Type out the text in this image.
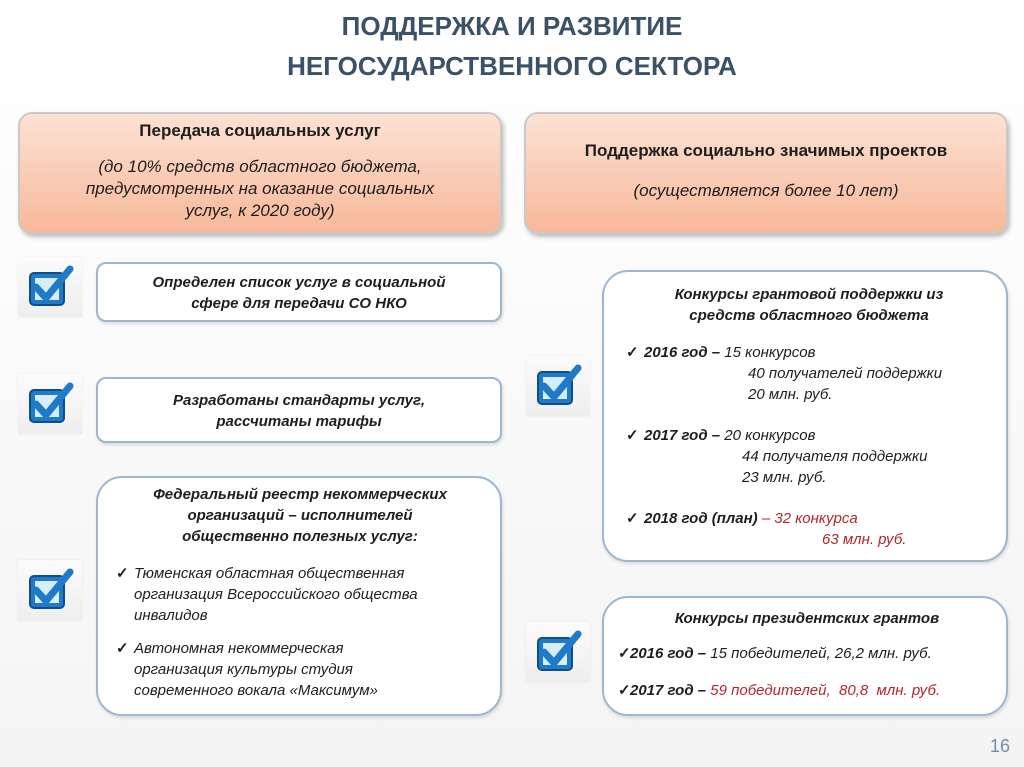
ПОДДЕРЖКА И РАЗВИТИЕ
НЕГОСУДАРСТВЕННОГО СЕКТОРА
Передача социальных услуг
(до 10% средств областного бюджета,
предусмотренных на оказание социальных
услуг, к 2020 году)
Поддержка социально значимых проектов
(осуществляется более 10 лет)
Определен список услуг в социальной
сфере для передачи СО НКО
Разработаны стандарты услуг,
рассчитаны тарифы
Федеральный реестр некоммерческих
организаций – исполнителей
общественно полезных услуг:
✓ Тюменская областная общественная
организация Всероссийского общества
инвалидов
✓ Автономная некоммерческая
организация культуры студия
современного вокала «Максимум»
Конкурсы грантовой поддержки из
средств областного бюджета
✓ 2016 год – 15 конкурсов
40 получателей поддержки
20 млн. руб.
✓ 2017 год – 20 конкурсов
44 получателя поддержки
23 млн. руб.
✓ 2018 год (план) – 32 конкурса
63 млн. руб.
Конкурсы президентских грантов
✓ 2016 год – 15 победителей, 26,2 млн. руб.
✓ 2017 год – 59 победителей,  80,8  млн. руб.
16
